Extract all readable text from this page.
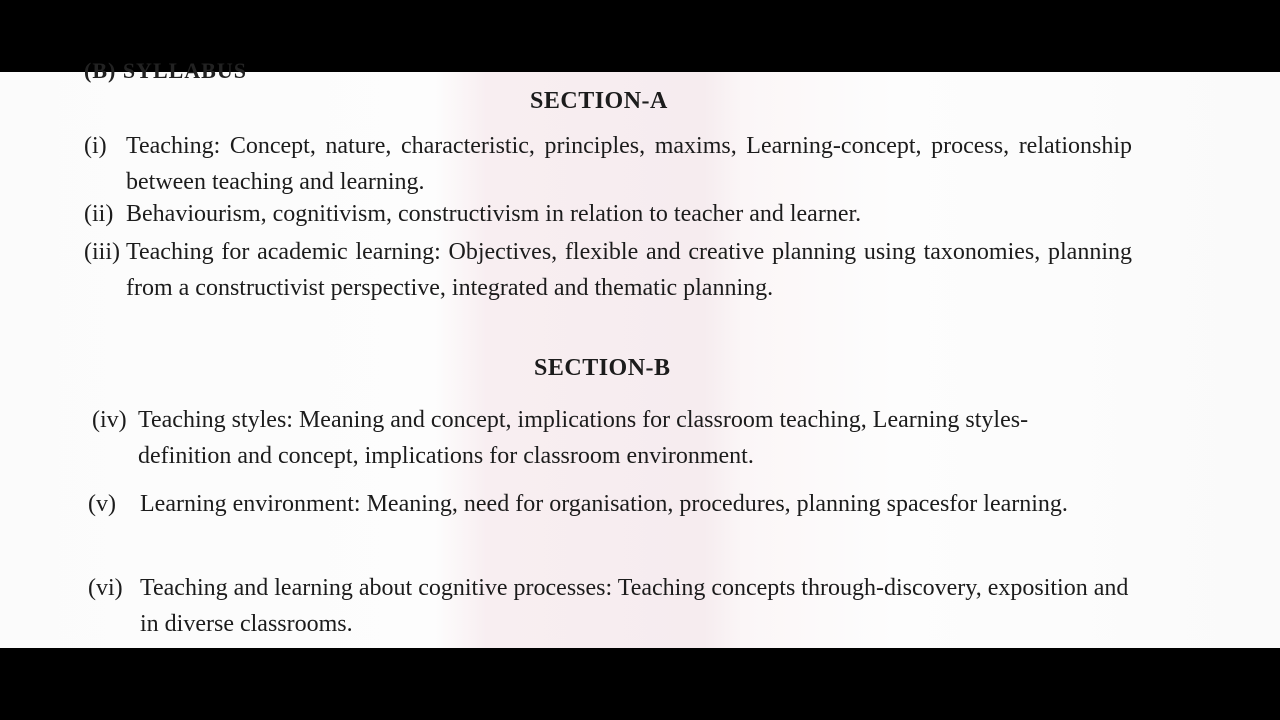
(B) SYLLABUS
SECTION-A
(i) Teaching: Concept, nature, characteristic, principles, maxims, Learning-concept, process, relationship between teaching and learning.
(ii) Behaviourism, cognitivism, constructivism in relation to teacher and learner.
(iii) Teaching for academic learning: Objectives, flexible and creative planning using taxonomies, planning from a constructivist perspective, integrated and thematic planning.
SECTION-B
(iv) Teaching styles: Meaning and concept, implications for classroom teaching, Learning styles- definition and concept, implications for classroom environment.
(v) Learning environment: Meaning, need for organisation, procedures, planning spacesfor learning.
(vi) Teaching and learning about cognitive processes: Teaching concepts through-discovery, exposition and in diverse classrooms.
